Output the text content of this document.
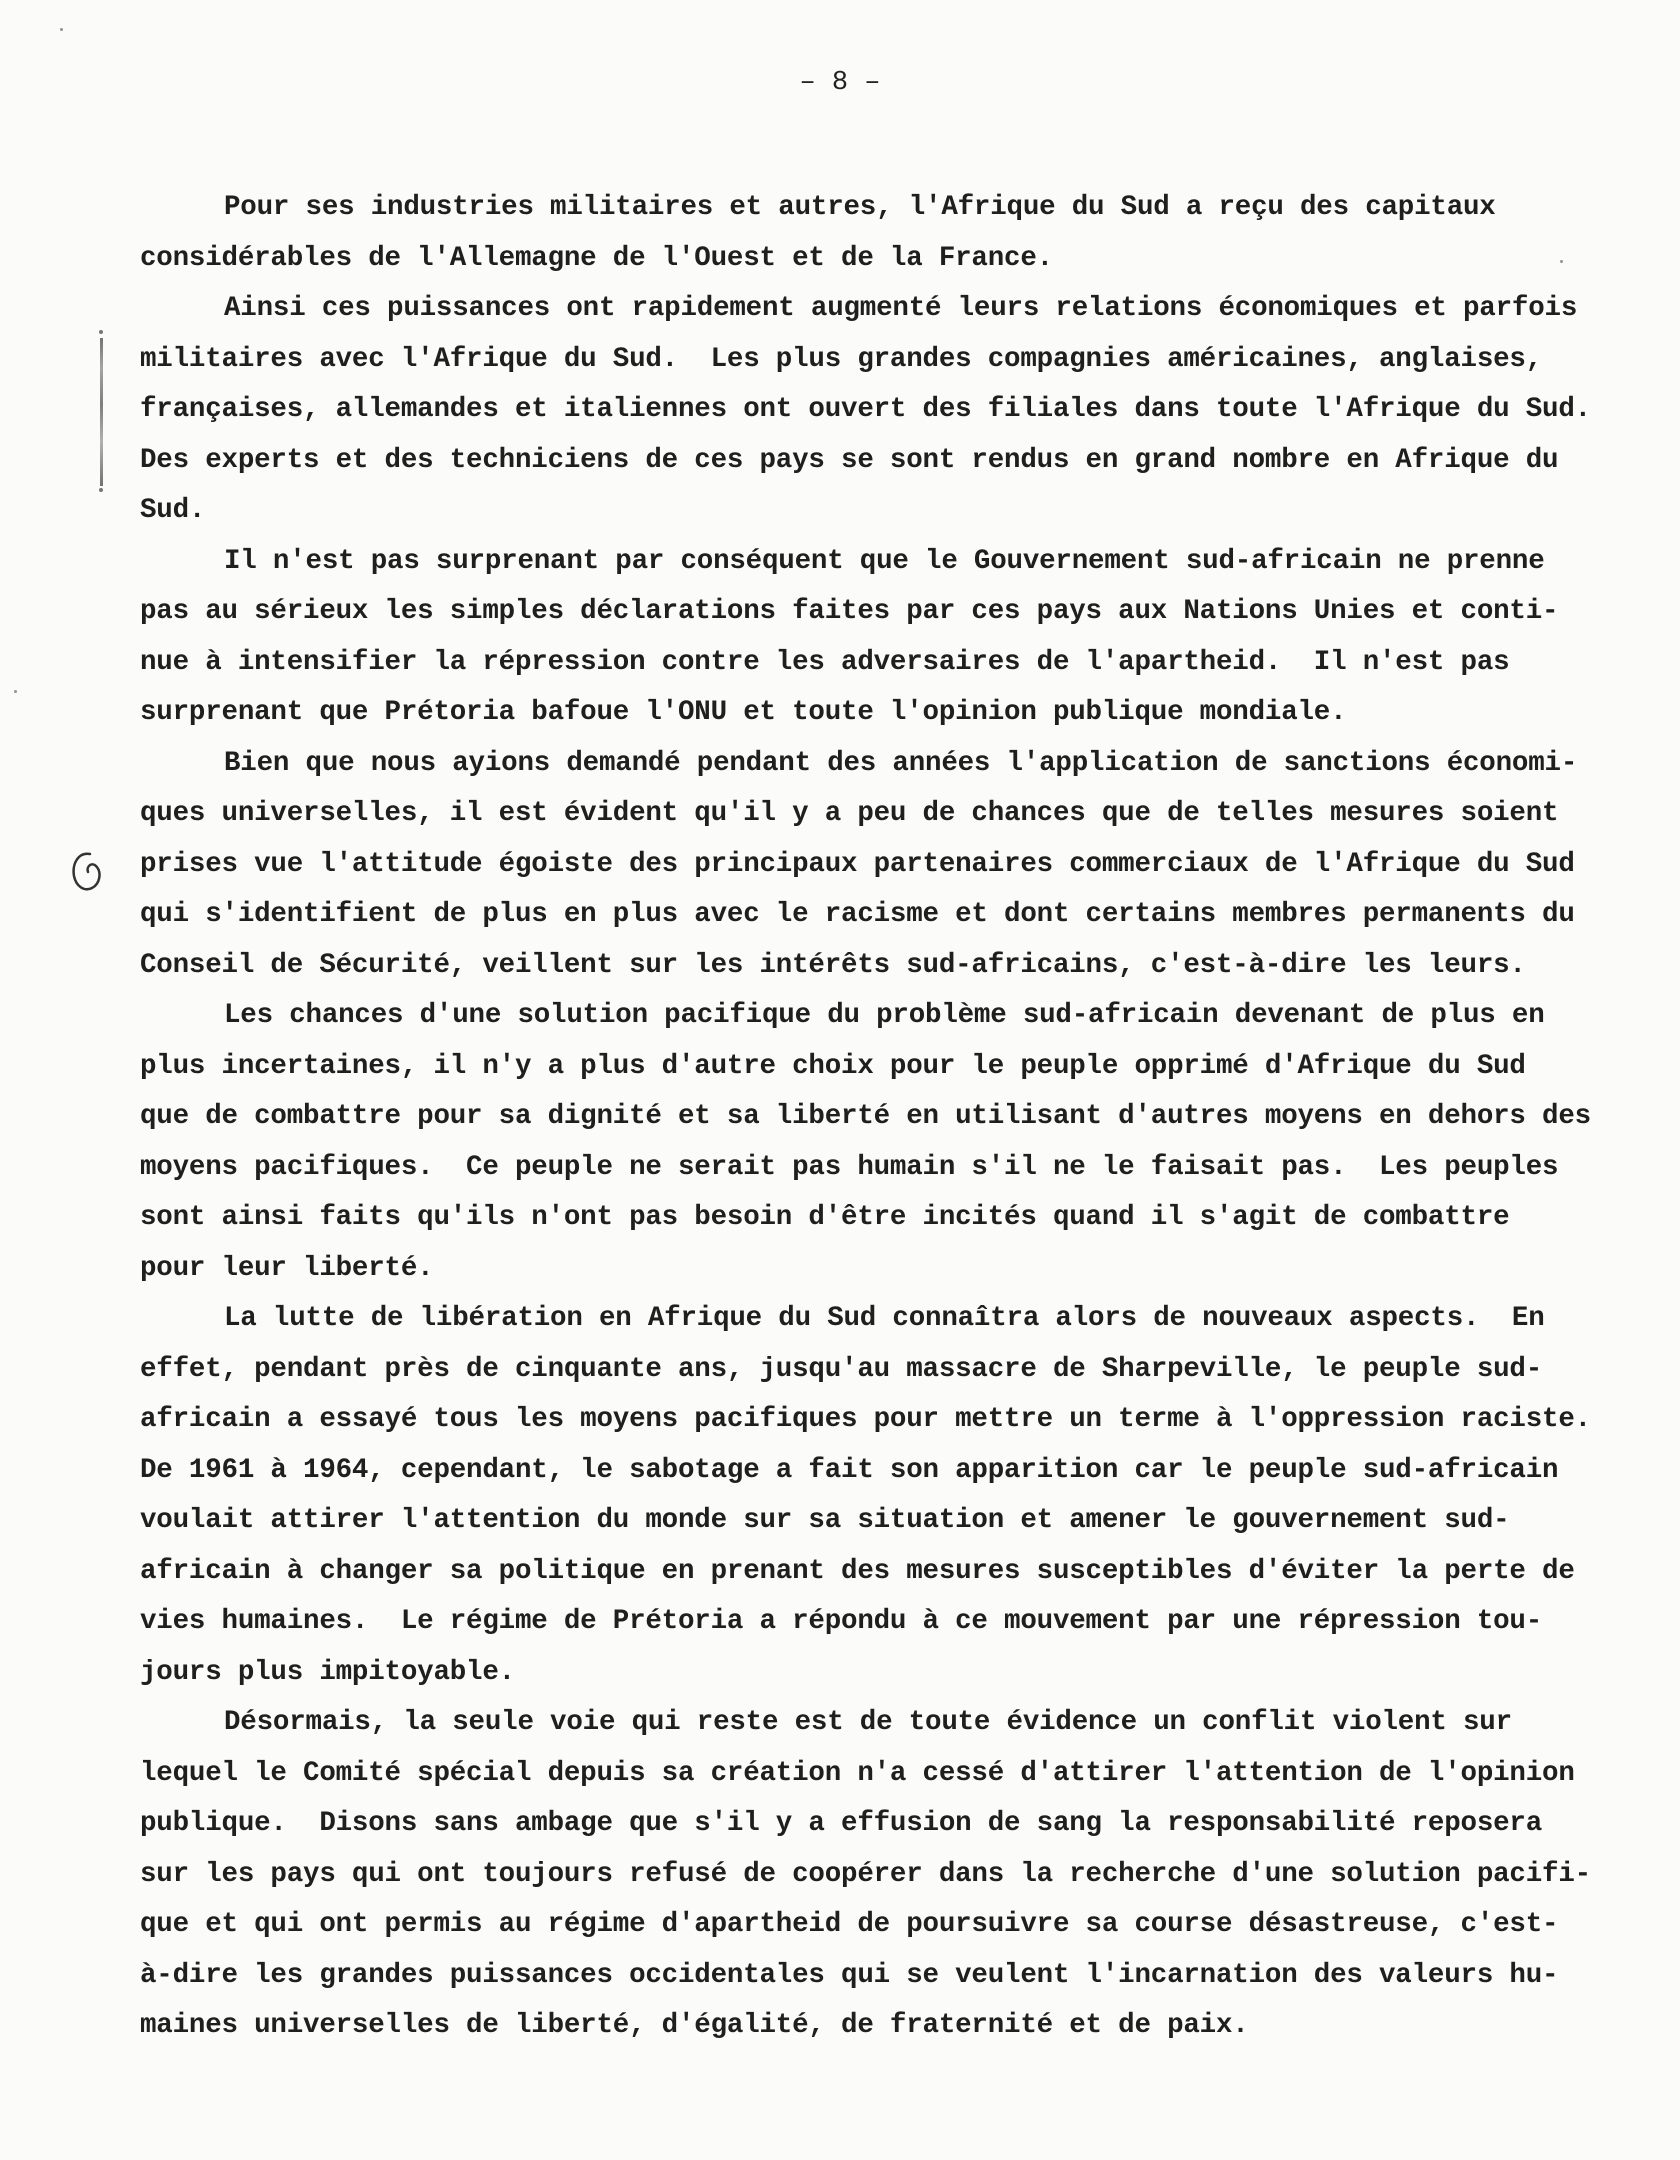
– 8 –
Pour ses industries militaires et autres, l'Afrique du Sud a reçu des capitaux
considérables de l'Allemagne de l'Ouest et de la France.
Ainsi ces puissances ont rapidement augmenté leurs relations économiques et parfois
militaires avec l'Afrique du Sud.  Les plus grandes compagnies américaines, anglaises,
françaises, allemandes et italiennes ont ouvert des filiales dans toute l'Afrique du Sud.
Des experts et des techniciens de ces pays se sont rendus en grand nombre en Afrique du
Sud.
Il n'est pas surprenant par conséquent que le Gouvernement sud-africain ne prenne
pas au sérieux les simples déclarations faites par ces pays aux Nations Unies et conti-
nue à intensifier la répression contre les adversaires de l'apartheid.  Il n'est pas
surprenant que Prétoria bafoue l'ONU et toute l'opinion publique mondiale.
Bien que nous ayions demandé pendant des années l'application de sanctions économi-
ques universelles, il est évident qu'il y a peu de chances que de telles mesures soient
prises vue l'attitude égoiste des principaux partenaires commerciaux de l'Afrique du Sud
qui s'identifient de plus en plus avec le racisme et dont certains membres permanents du
Conseil de Sécurité, veillent sur les intérêts sud-africains, c'est-à-dire les leurs.
Les chances d'une solution pacifique du problème sud-africain devenant de plus en
plus incertaines, il n'y a plus d'autre choix pour le peuple opprimé d'Afrique du Sud
que de combattre pour sa dignité et sa liberté en utilisant d'autres moyens en dehors des
moyens pacifiques.  Ce peuple ne serait pas humain s'il ne le faisait pas.  Les peuples
sont ainsi faits qu'ils n'ont pas besoin d'être incités quand il s'agit de combattre
pour leur liberté.
La lutte de libération en Afrique du Sud connaîtra alors de nouveaux aspects.  En
effet, pendant près de cinquante ans, jusqu'au massacre de Sharpeville, le peuple sud-
africain a essayé tous les moyens pacifiques pour mettre un terme à l'oppression raciste.
De 1961 à 1964, cependant, le sabotage a fait son apparition car le peuple sud-africain
voulait attirer l'attention du monde sur sa situation et amener le gouvernement sud-
africain à changer sa politique en prenant des mesures susceptibles d'éviter la perte de
vies humaines.  Le régime de Prétoria a répondu à ce mouvement par une répression tou-
jours plus impitoyable.
Désormais, la seule voie qui reste est de toute évidence un conflit violent sur
lequel le Comité spécial depuis sa création n'a cessé d'attirer l'attention de l'opinion
publique.  Disons sans ambage que s'il y a effusion de sang la responsabilité reposera
sur les pays qui ont toujours refusé de coopérer dans la recherche d'une solution pacifi-
que et qui ont permis au régime d'apartheid de poursuivre sa course désastreuse, c'est-
à-dire les grandes puissances occidentales qui se veulent l'incarnation des valeurs hu-
maines universelles de liberté, d'égalité, de fraternité et de paix.
